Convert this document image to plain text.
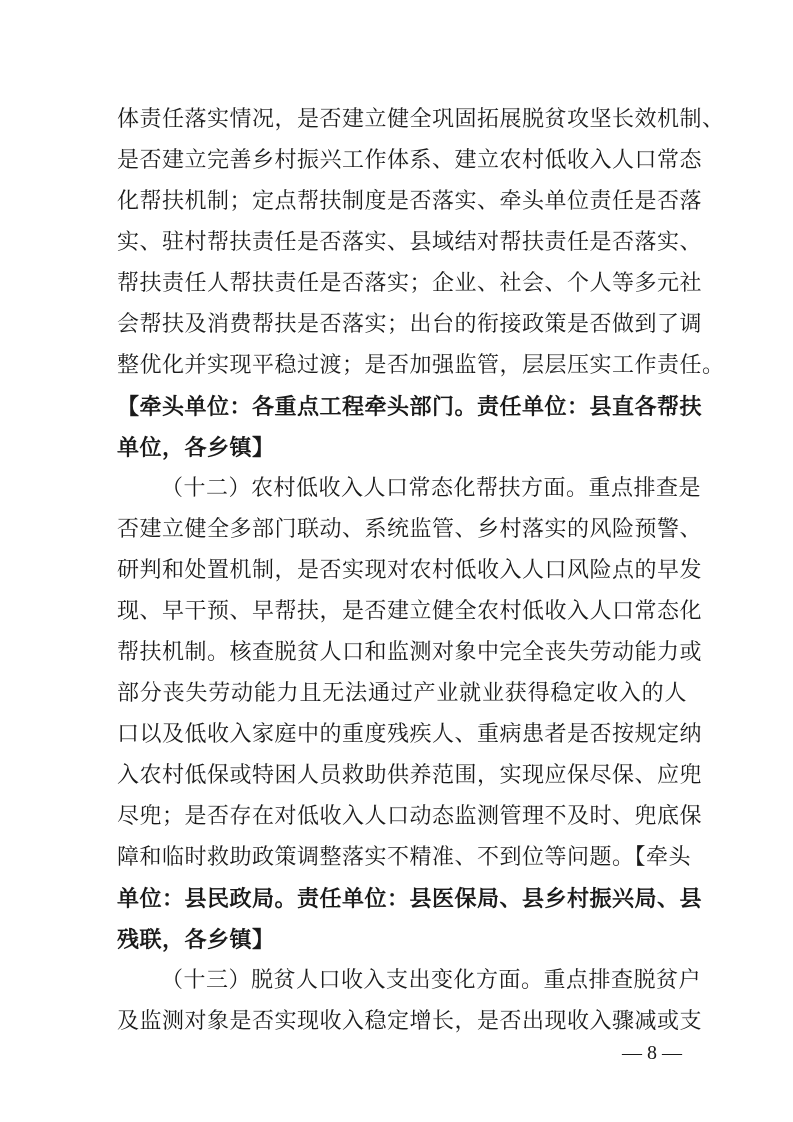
体责任落实情况，是否建立健全巩固拓展脱贫攻坚长效机制、
是否建立完善乡村振兴工作体系、建立农村低收入人口常态
化帮扶机制；定点帮扶制度是否落实、牵头单位责任是否落
实、驻村帮扶责任是否落实、县域结对帮扶责任是否落实、
帮扶责任人帮扶责任是否落实；企业、社会、个人等多元社
会帮扶及消费帮扶是否落实；出台的衔接政策是否做到了调
整优化并实现平稳过渡；是否加强监管，层层压实工作责任。
【牵头单位：各重点工程牵头部门。责任单位：县直各帮扶
单位，各乡镇】
（十二）农村低收入人口常态化帮扶方面。重点排查是
否建立健全多部门联动、系统监管、乡村落实的风险预警、
研判和处置机制，是否实现对农村低收入人口风险点的早发
现、早干预、早帮扶，是否建立健全农村低收入人口常态化
帮扶机制。核查脱贫人口和监测对象中完全丧失劳动能力或
部分丧失劳动能力且无法通过产业就业获得稳定收入的人
口以及低收入家庭中的重度残疾人、重病患者是否按规定纳
入农村低保或特困人员救助供养范围，实现应保尽保、应兜
尽兜；是否存在对低收入人口动态监测管理不及时、兜底保
障和临时救助政策调整落实不精准、不到位等问题。【牵头
单位：县民政局。责任单位：县医保局、县乡村振兴局、县
残联，各乡镇】
（十三）脱贫人口收入支出变化方面。重点排查脱贫户
及监测对象是否实现收入稳定增长，是否出现收入骤减或支
— 8 —
